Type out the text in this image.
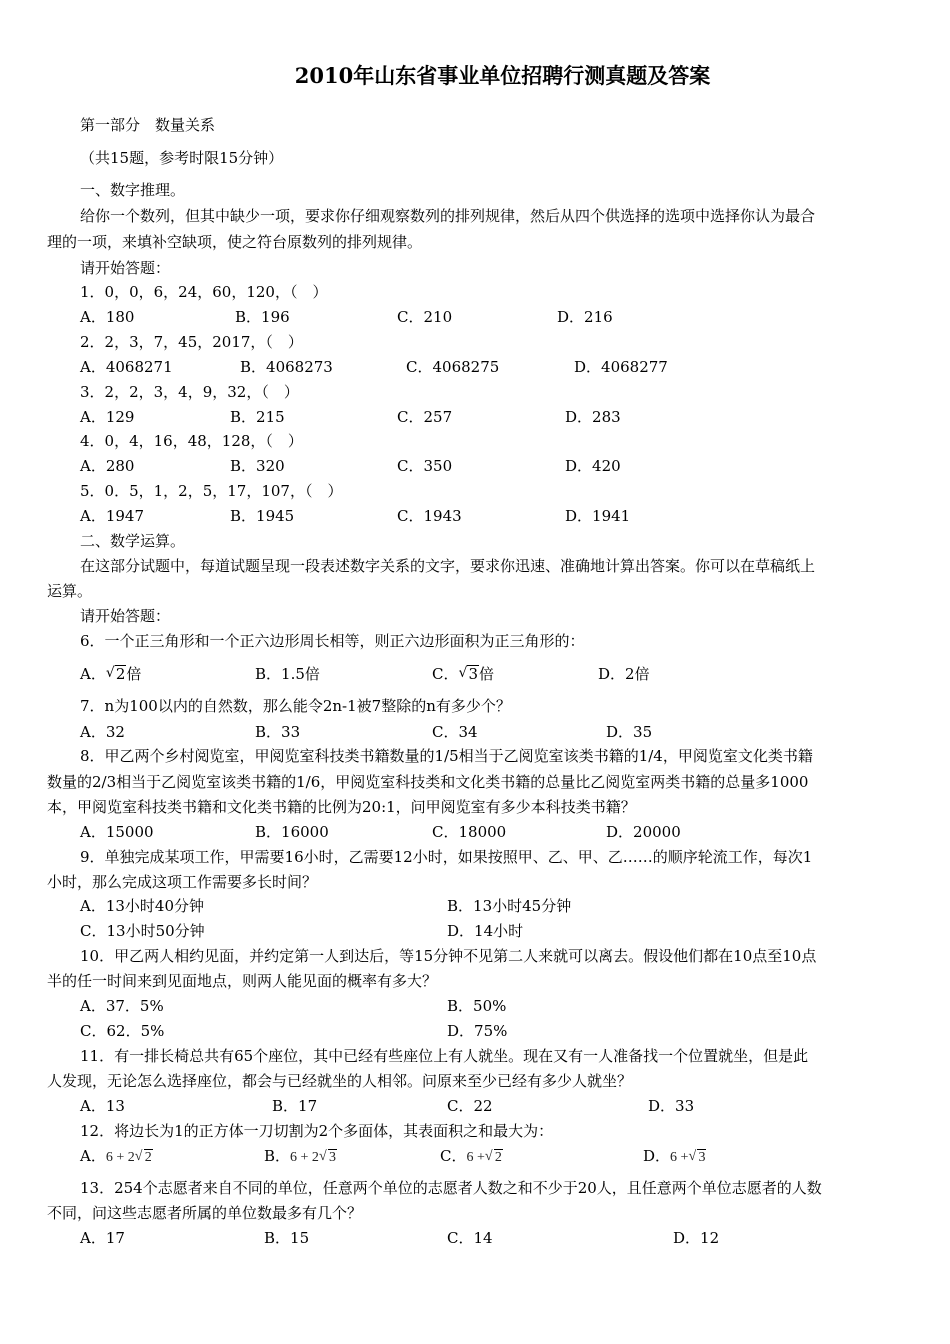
2010年山东省事业单位招聘行测真题及答案
第一部分　数量关系
（共15题，参考时限15分钟）
一、数字推理。
给你一个数列，但其中缺少一项，要求你仔细观察数列的排列规律，然后从四个供选择的选项中选择你认为最合
理的一项，来填补空缺项，使之符台原数列的排列规律。
请开始答题：
1．0，0，6，24，60，120，（　）
A．180	B．196	C．210	D．216
2．2，3，7，45，2017，（　）
A．4068271	B．4068273	C．4068275	D．4068277
3．2，2，3，4，9，32，（　）
A．129	B．215	C．257	D．283
4．0，4，16，48，128，（　）
A．280	B．320	C．350	D．420
5．0．5，1，2，5，17，107，（　）
A．1947	B．1945	C．1943	D．1941
二、数学运算。
在这部分试题中，每道试题呈现一段表述数字关系的文字，要求你迅速、准确地计算出答案。你可以在草稿纸上
运算。
请开始答题：
6．一个正三角形和一个正六边形周长相等，则正六边形面积为正三角形的：
A． √ 2倍	B．1.5倍	C． √ 3倍	D．2倍
7．n为100以内的自然数，那么能令2n-1被7整除的n有多少个？
A．32	B．33	C．34	D．35
8．甲乙两个乡村阅览室，甲阅览室科技类书籍数量的1/5相当于乙阅览室该类书籍的1/4，甲阅览室文化类书籍
数量的2/3相当于乙阅览室该类书籍的1/6，甲阅览室科技类和文化类书籍的总量比乙阅览室两类书籍的总量多1000
本，甲阅览室科技类书籍和文化类书籍的比例为20:1，问甲阅览室有多少本科技类书籍？
A．15000	B．16000	C．18000	D．20000
9．单独完成某项工作，甲需要16小时，乙需要12小时，如果按照甲、乙、甲、乙……的顺序轮流工作，每次1
小时，那么完成这项工作需要多长时间？
A．13小时40分钟	B．13小时45分钟
C．13小时50分钟	D．14小时
10．甲乙两人相约见面，并约定第一人到达后，等15分钟不见第二人来就可以离去。假设他们都在10点至10点
半的任一时间来到见面地点，则两人能见面的概率有多大？
A．37．5%	B．50%
C．62．5%	D．75%
11．有一排长椅总共有65个座位，其中已经有些座位上有人就坐。现在又有一人准备找一个位置就坐，但是此
人发现，无论怎么选择座位，都会与已经就坐的人相邻。问原来至少已经有多少人就坐？
A．13	B．17	C．22	D．33
12．将边长为1的正方体一刀切割为2个多面体，其表面积之和最大为：
A．6 + 2 √ 2	B．6 + 2 √ 3	C．6 + √ 2	D．6 + √ 3
13．254个志愿者来自不同的单位，任意两个单位的志愿者人数之和不少于20人，且任意两个单位志愿者的人数
不同，问这些志愿者所属的单位数最多有几个？
A．17	B．15	C．14	D．12
